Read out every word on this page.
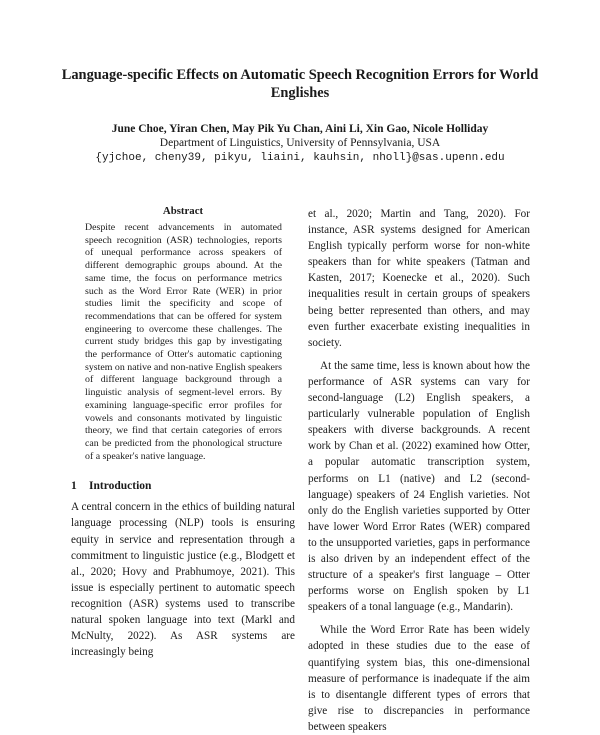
Language-specific Effects on Automatic Speech Recognition Errors for World Englishes

June Choe, Yiran Chen, May Pik Yu Chan, Aini Li, Xin Gao, Nicole Holliday

Department of Linguistics, University of Pennsylvania, USA

{yjchoe, cheny39, pikyu, liaini, kauhsin, nholl}@sas.upenn.edu

Abstract

Despite recent advancements in automated speech recognition (ASR) technologies, reports of unequal performance across speakers of different demographic groups abound. At the same time, the focus on performance metrics such as the Word Error Rate (WER) in prior studies limit the specificity and scope of recommendations that can be offered for system engineering to overcome these challenges. The current study bridges this gap by investigating the performance of Otter's automatic captioning system on native and non-native English speakers of different language background through a linguistic analysis of segment-level errors. By examining language-specific error profiles for vowels and consonants motivated by linguistic theory, we find that certain categories of errors can be predicted from the phonological structure of a speaker's native language.

1 Introduction

A central concern in the ethics of building natural language processing (NLP) tools is ensuring equity in service and representation through a commitment to linguistic justice (e.g., Blodgett et al., 2020; Hovy and Prabhumoye, 2021). This issue is especially pertinent to automatic speech recognition (ASR) systems used to transcribe natural spoken language into text (Markl and McNulty, 2022). As ASR systems are increasingly being

et al., 2020; Martin and Tang, 2020). For instance, ASR systems designed for American English typically perform worse for non-white speakers than for white speakers (Tatman and Kasten, 2017; Koenecke et al., 2020). Such inequalities result in certain groups of speakers being better represented than others, and may even further exacerbate existing inequalities in society.

At the same time, less is known about how the performance of ASR systems can vary for second-language (L2) English speakers, a particularly vulnerable population of English speakers with diverse backgrounds. A recent work by Chan et al. (2022) examined how Otter, a popular automatic transcription system, performs on L1 (native) and L2 (second-language) speakers of 24 English varieties. Not only do the English varieties supported by Otter have lower Word Error Rates (WER) compared to the unsupported varieties, gaps in performance is also driven by an independent effect of the structure of a speaker's first language – Otter performs worse on English spoken by L1 speakers of a tonal language (e.g., Mandarin).

While the Word Error Rate has been widely adopted in these studies due to the ease of quantifying system bias, this one-dimensional measure of performance is inadequate if the aim is to disentangle different types of errors that give rise to discrepancies in performance between speakers
